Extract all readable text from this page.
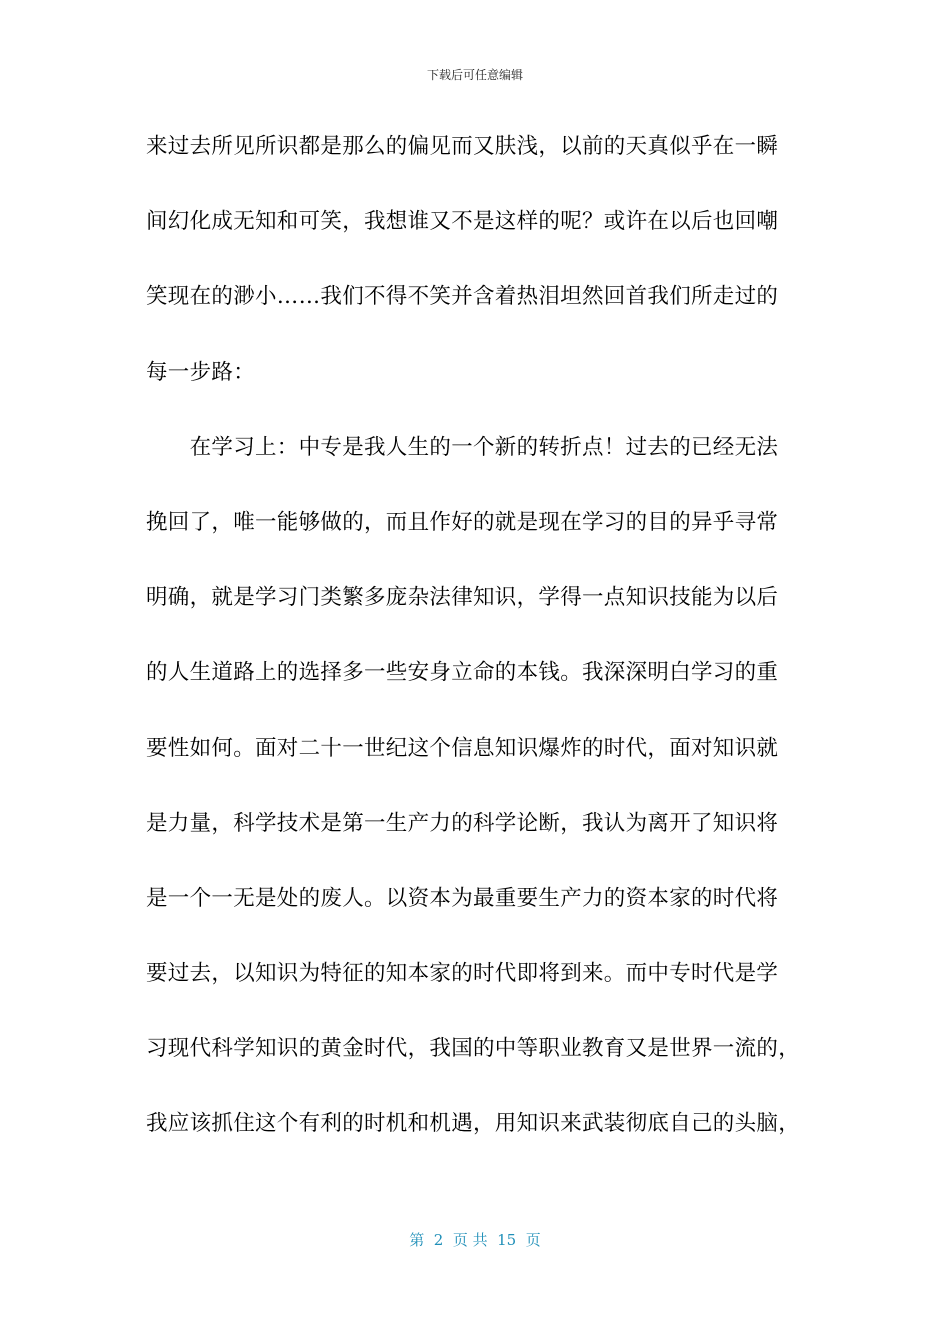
下载后可任意编辑
来过去所见所识都是那么的偏见而又肤浅，以前的天真似乎在一瞬
间幻化成无知和可笑，我想谁又不是这样的呢？或许在以后也回嘲
笑现在的渺小……我们不得不笑并含着热泪坦然回首我们所走过的
每一步路：
　　在学习上：中专是我人生的一个新的转折点！过去的已经无法
挽回了，唯一能够做的，而且作好的就是现在学习的目的异乎寻常
明确，就是学习门类繁多庞杂法律知识，学得一点知识技能为以后
的人生道路上的选择多一些安身立命的本钱。我深深明白学习的重
要性如何。面对二十一世纪这个信息知识爆炸的时代，面对知识就
是力量，科学技术是第一生产力的科学论断，我认为离开了知识将
是一个一无是处的废人。以资本为最重要生产力的资本家的时代将
要过去，以知识为特征的知本家的时代即将到来。而中专时代是学
习现代科学知识的黄金时代，我国的中等职业教育又是世界一流的，
我应该抓住这个有利的时机和机遇，用知识来武装彻底自己的头脑，
第  2  页 共  15  页
